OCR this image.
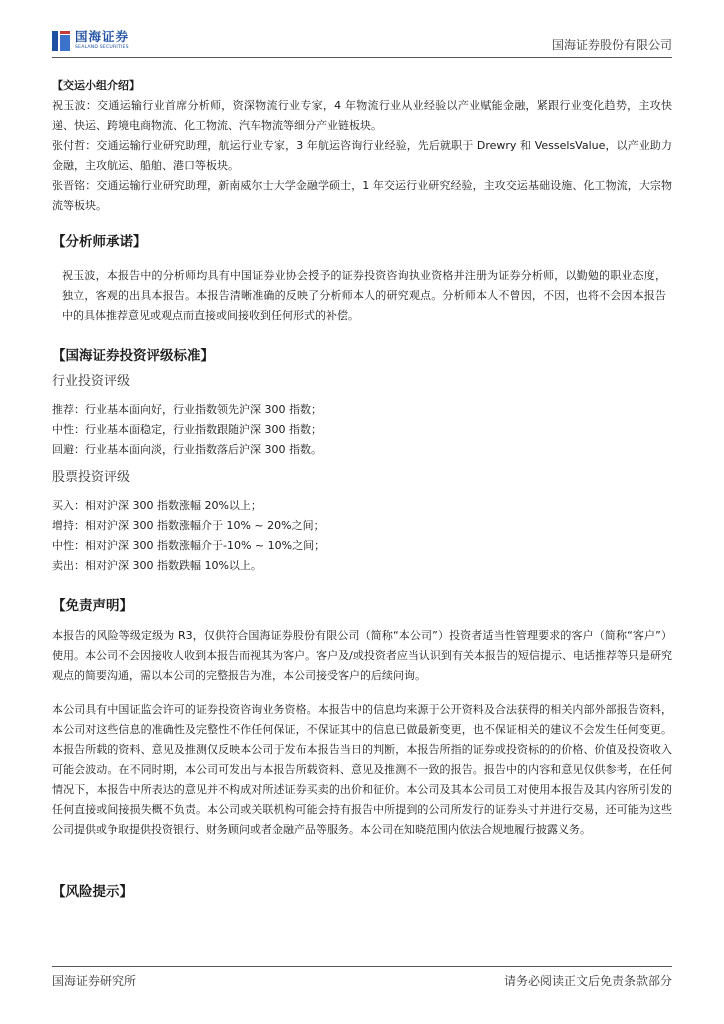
国海证券
SEALAND SECURITIES	国海证券股份有限公司
【交运小组介绍】

祝玉波：交通运输行业首席分析师，资深物流行业专家，4 年物流行业从业经验以产业赋能金融，紧跟行业变化趋势，主攻快递、快运、跨境电商物流、化工物流、汽车物流等细分产业链板块。

张付哲：交通运输行业研究助理，航运行业专家，3 年航运咨询行业经验，先后就职于 Drewry 和 VesselsValue，以产业助力金融，主攻航运、船舶、港口等板块。

张晋铭：交通运输行业研究助理，新南威尔士大学金融学硕士，1 年交运行业研究经验，主攻交运基础设施、化工物流，大宗物流等板块。

【分析师承诺】

祝玉波，本报告中的分析师均具有中国证券业协会授予的证券投资咨询执业资格并注册为证券分析师，以勤勉的职业态度，独立，客观的出具本报告。本报告清晰准确的反映了分析师本人的研究观点。分析师本人不曾因，不因，也将不会因本报告中的具体推荐意见或观点而直接或间接收到任何形式的补偿。

【国海证券投资评级标准】
行业投资评级
推荐：行业基本面向好，行业指数领先沪深 300 指数；
中性：行业基本面稳定，行业指数跟随沪深 300 指数；
回避：行业基本面向淡，行业指数落后沪深 300 指数。
股票投资评级
买入：相对沪深 300 指数涨幅 20%以上；
增持：相对沪深 300 指数涨幅介于 10% ~ 20%之间；
中性：相对沪深 300 指数涨幅介于-10% ~ 10%之间；
卖出：相对沪深 300 指数跌幅 10%以上。
【免责声明】

本报告的风险等级定级为 R3，仅供符合国海证券股份有限公司（简称“本公司”）投资者适当性管理要求的客户（简称“客户”）使用。本公司不会因接收人收到本报告而视其为客户。客户及/或投资者应当认识到有关本报告的短信提示、电话推荐等只是研究观点的简要沟通，需以本公司的完整报告为准，本公司接受客户的后续问询。

本公司具有中国证监会许可的证券投资咨询业务资格。本报告中的信息均来源于公开资料及合法获得的相关内部外部报告资料，本公司对这些信息的准确性及完整性不作任何保证，不保证其中的信息已做最新变更，也不保证相关的建议不会发生任何变更。本报告所载的资料、意见及推测仅反映本公司于发布本报告当日的判断，本报告所指的证券或投资标的的价格、价值及投资收入可能会波动。在不同时期，本公司可发出与本报告所载资料、意见及推测不一致的报告。报告中的内容和意见仅供参考，在任何情况下，本报告中所表达的意见并不构成对所述证券买卖的出价和征价。本公司及其本公司员工对使用本报告及其内容所引发的任何直接或间接损失概不负责。本公司或关联机构可能会持有报告中所提到的公司所发行的证券头寸并进行交易，还可能为这些公司提供或争取提供投资银行、财务顾问或者金融产品等服务。本公司在知晓范围内依法合规地履行披露义务。

【风险提示】
国海证券研究所	请务必阅读正文后免责条款部分
